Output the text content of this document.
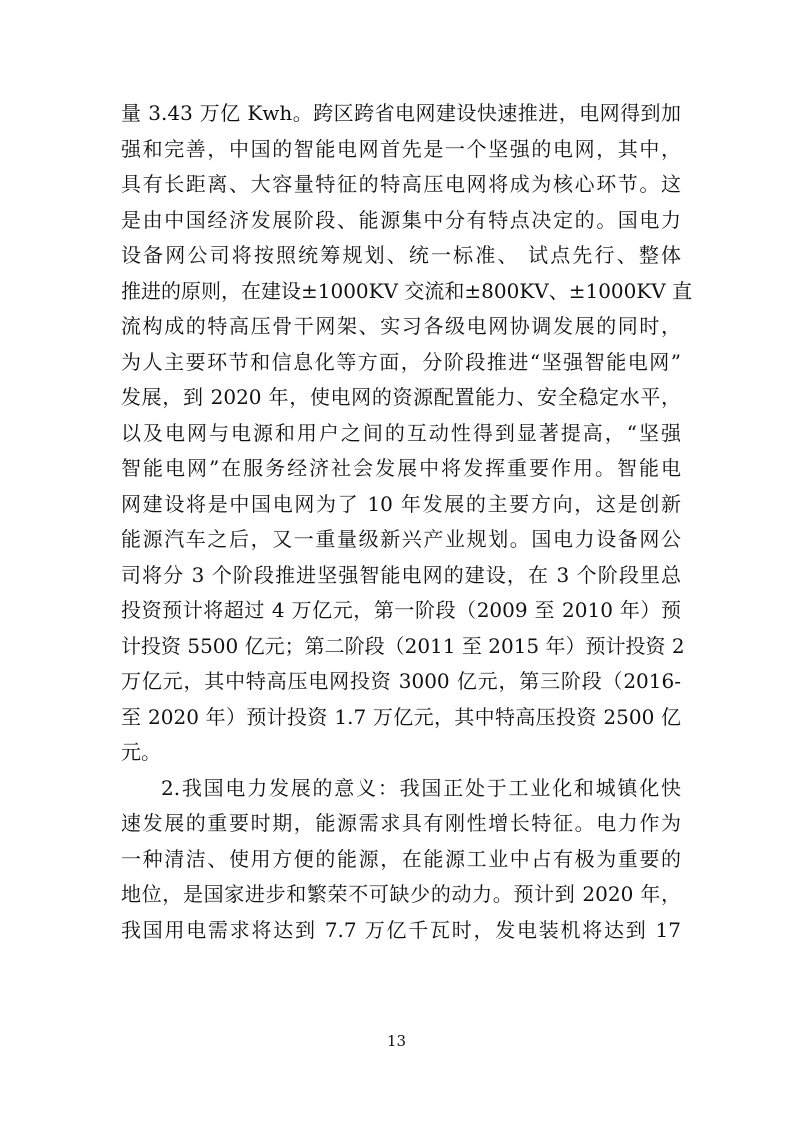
量 3.43 万亿 Kwh。跨区跨省电网建设快速推进，电网得到加
强和完善，中国的智能电网首先是一个坚强的电网，其中，
具有长距离、大容量特征的特高压电网将成为核心环节。这
是由中国经济发展阶段、能源集中分有特点决定的。国电力
设备网公司将按照统筹规划、统一标准、 试点先行、整体
推进的原则，在建设±1000KV 交流和±800KV、±1000KV 直
流构成的特高压骨干网架、实习各级电网协调发展的同时，
为人主要环节和信息化等方面，分阶段推进“坚强智能电网”
发展，到 2020 年，使电网的资源配置能力、安全稳定水平，
以及电网与电源和用户之间的互动性得到显著提高，“坚强
智能电网”在服务经济社会发展中将发挥重要作用。智能电
网建设将是中国电网为了 10 年发展的主要方向，这是创新
能源汽车之后，又一重量级新兴产业规划。国电力设备网公
司将分 3 个阶段推进坚强智能电网的建设，在 3 个阶段里总
投资预计将超过 4 万亿元，第一阶段（2009 至 2010 年）预
计投资 5500 亿元；第二阶段（2011 至 2015 年）预计投资 2
万亿元，其中特高压电网投资 3000 亿元，第三阶段（2016-
至 2020 年）预计投资 1.7 万亿元，其中特高压投资 2500 亿
元。
2.我国电力发展的意义：我国正处于工业化和城镇化快
速发展的重要时期，能源需求具有刚性增长特征。电力作为
一种清洁、使用方便的能源，在能源工业中占有极为重要的
地位，是国家进步和繁荣不可缺少的动力。预计到 2020 年，
我国用电需求将达到 7.7 万亿千瓦时，发电装机将达到 17
13
